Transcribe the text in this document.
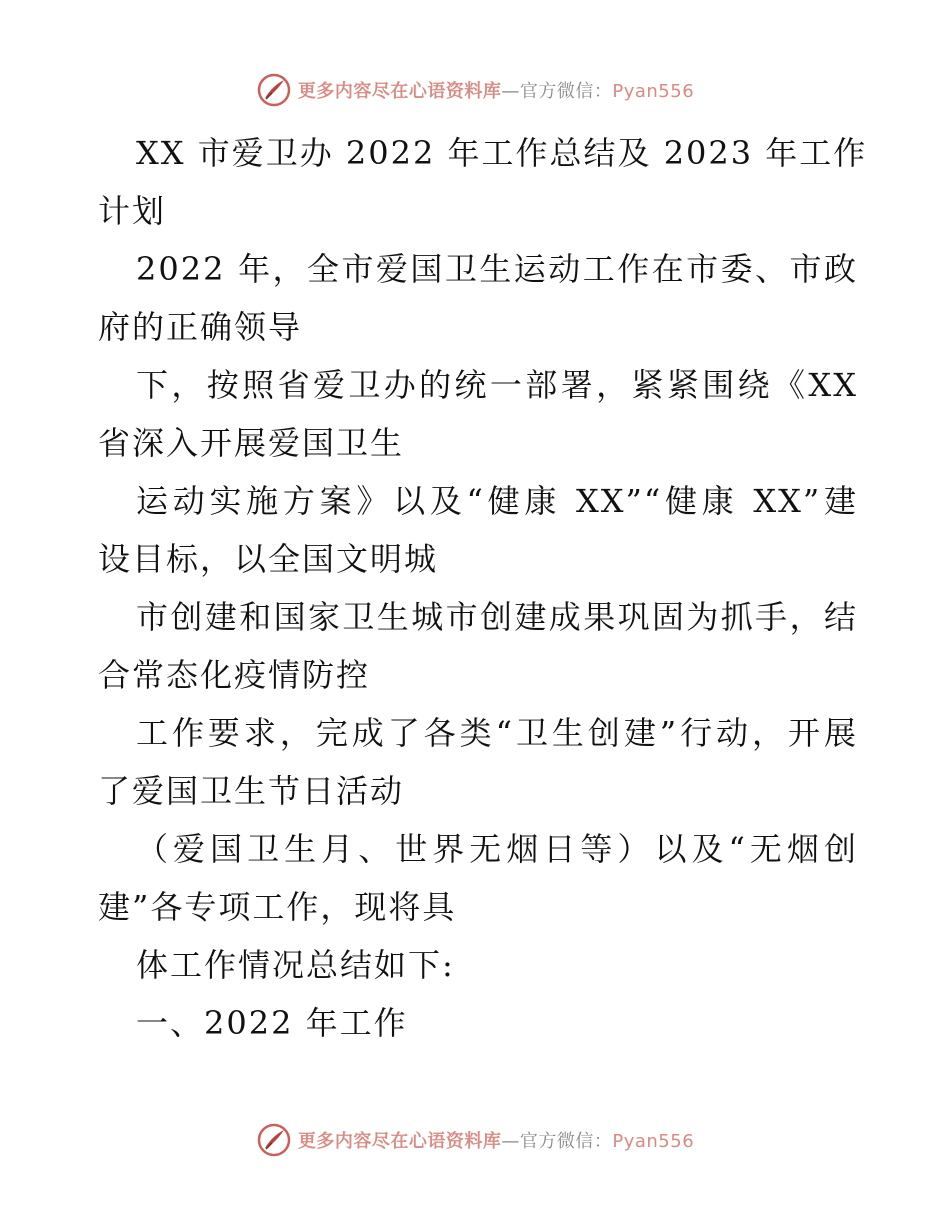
更多内容尽在心语资料库—官方微信：Pyan556
XX 市爱卫办 2022 年工作总结及 2023 年工作
计划
2022 年，全市爱国卫生运动工作在市委、市政
府的正确领导
下，按照省爱卫办的统一部署，紧紧围绕《XX
省深入开展爱国卫生
运动实施方案》以及“健康 XX”“健康 XX”建
设目标，以全国文明城
市创建和国家卫生城市创建成果巩固为抓手，结
合常态化疫情防控
工作要求，完成了各类“卫生创建”行动，开展
了爱国卫生节日活动
（爱国卫生月、世界无烟日等）以及“无烟创
建”各专项工作，现将具
体工作情况总结如下:
一、2022 年工作
更多内容尽在心语资料库—官方微信：Pyan556
